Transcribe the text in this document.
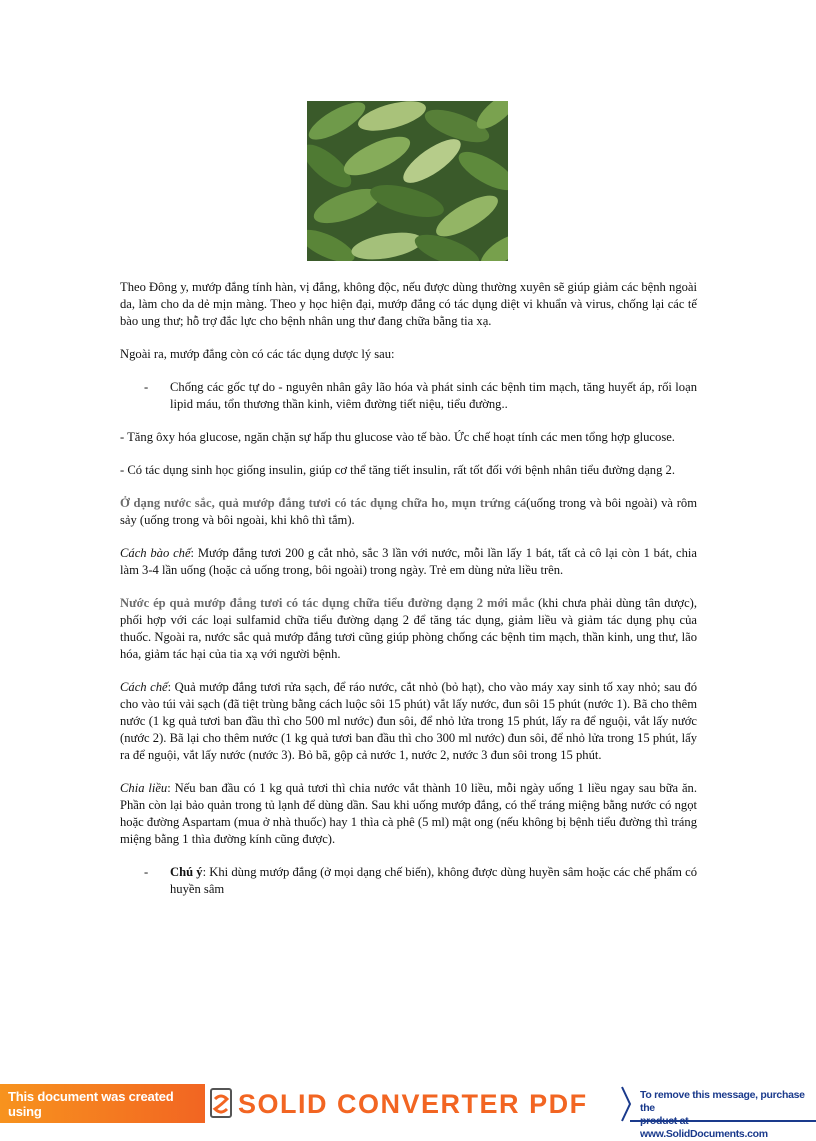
Theo Đông y, mướp đắng tính hàn, vị đắng, không độc, nếu được dùng thường xuyên sẽ giúp giảm các bệnh ngoài da, làm cho da dẻ mịn màng. Theo y học hiện đại, mướp đắng có tác dụng diệt vi khuẩn và virus, chống lại các tế bào ung thư; hỗ trợ đắc lực cho bệnh nhân ung thư đang chữa bằng tia xạ.

Ngoài ra, mướp đắng còn có các tác dụng dược lý sau:

- Chống các gốc tự do - nguyên nhân gây lão hóa và phát sinh các bệnh tim mạch, tăng huyết áp, rối loạn lipid máu, tổn thương thần kinh, viêm đường tiết niệu, tiểu đường..

- Tăng ôxy hóa glucose, ngăn chặn sự hấp thu glucose vào tế bào. Ức chế hoạt tính các men tổng hợp glucose.

- Có tác dụng sinh học giống insulin, giúp cơ thể tăng tiết insulin, rất tốt đối với bệnh nhân tiểu đường dạng 2.

Ở dạng nước sắc, quả mướp đắng tươi có tác dụng chữa ho, mụn trứng cá(uống trong và bôi ngoài) và rôm sảy (uống trong và bôi ngoài, khi khô thì tắm).

Cách bào chế: Mướp đắng tươi 200 g cắt nhỏ, sắc 3 lần với nước, mỗi lần lấy 1 bát, tất cả cô lại còn 1 bát, chia làm 3-4 lần uống (hoặc cả uống trong, bôi ngoài) trong ngày. Trẻ em dùng nửa liều trên.

Nước ép quả mướp đắng tươi có tác dụng chữa tiểu đường dạng 2 mới mắc (khi chưa phải dùng tân dược), phối hợp với các loại sulfamid chữa tiểu đường dạng 2 để tăng tác dụng, giảm liều và giảm tác dụng phụ của thuốc. Ngoài ra, nước sắc quả mướp đắng tươi cũng giúp phòng chống các bệnh tim mạch, thần kinh, ung thư, lão hóa, giảm tác hại của tia xạ với người bệnh.

Cách chế: Quả mướp đắng tươi rửa sạch, để ráo nước, cắt nhỏ (bỏ hạt), cho vào máy xay sinh tố xay nhỏ; sau đó cho vào túi vải sạch (đã tiệt trùng bằng cách luộc sôi 15 phút) vắt lấy nước, đun sôi 15 phút (nước 1). Bã cho thêm nước (1 kg quả tươi ban đầu thì cho 500 ml nước) đun sôi, để nhỏ lửa trong 15 phút, lấy ra để nguội, vắt lấy nước (nước 2). Bã lại cho thêm nước (1 kg quả tươi ban đầu thì cho 300 ml nước) đun sôi, để nhỏ lửa trong 15 phút, lấy ra để nguội, vắt lấy nước (nước 3). Bỏ bã, gộp cả nước 1, nước 2, nước 3 đun sôi trong 15 phút.

Chia liều: Nếu ban đầu có 1 kg quả tươi thì chia nước vắt thành 10 liều, mỗi ngày uống 1 liều ngay sau bữa ăn. Phần còn lại bảo quản trong tủ lạnh để dùng dần. Sau khi uống mướp đắng, có thể tráng miệng bằng nước có ngọt hoặc đường Aspartam (mua ở nhà thuốc) hay 1 thìa cà phê (5 ml) mật ong (nếu không bị bệnh tiểu đường thì tráng miệng bằng 1 thìa đường kính cũng được).

- Chú ý: Khi dùng mướp đắng (ở mọi dạng chế biến), không được dùng huyền sâm hoặc các chế phẩm có huyền sâm
This document was created using	SOLID CONVERTER PDF	To remove this message, purchase the
product at www.SolidDocuments.com
